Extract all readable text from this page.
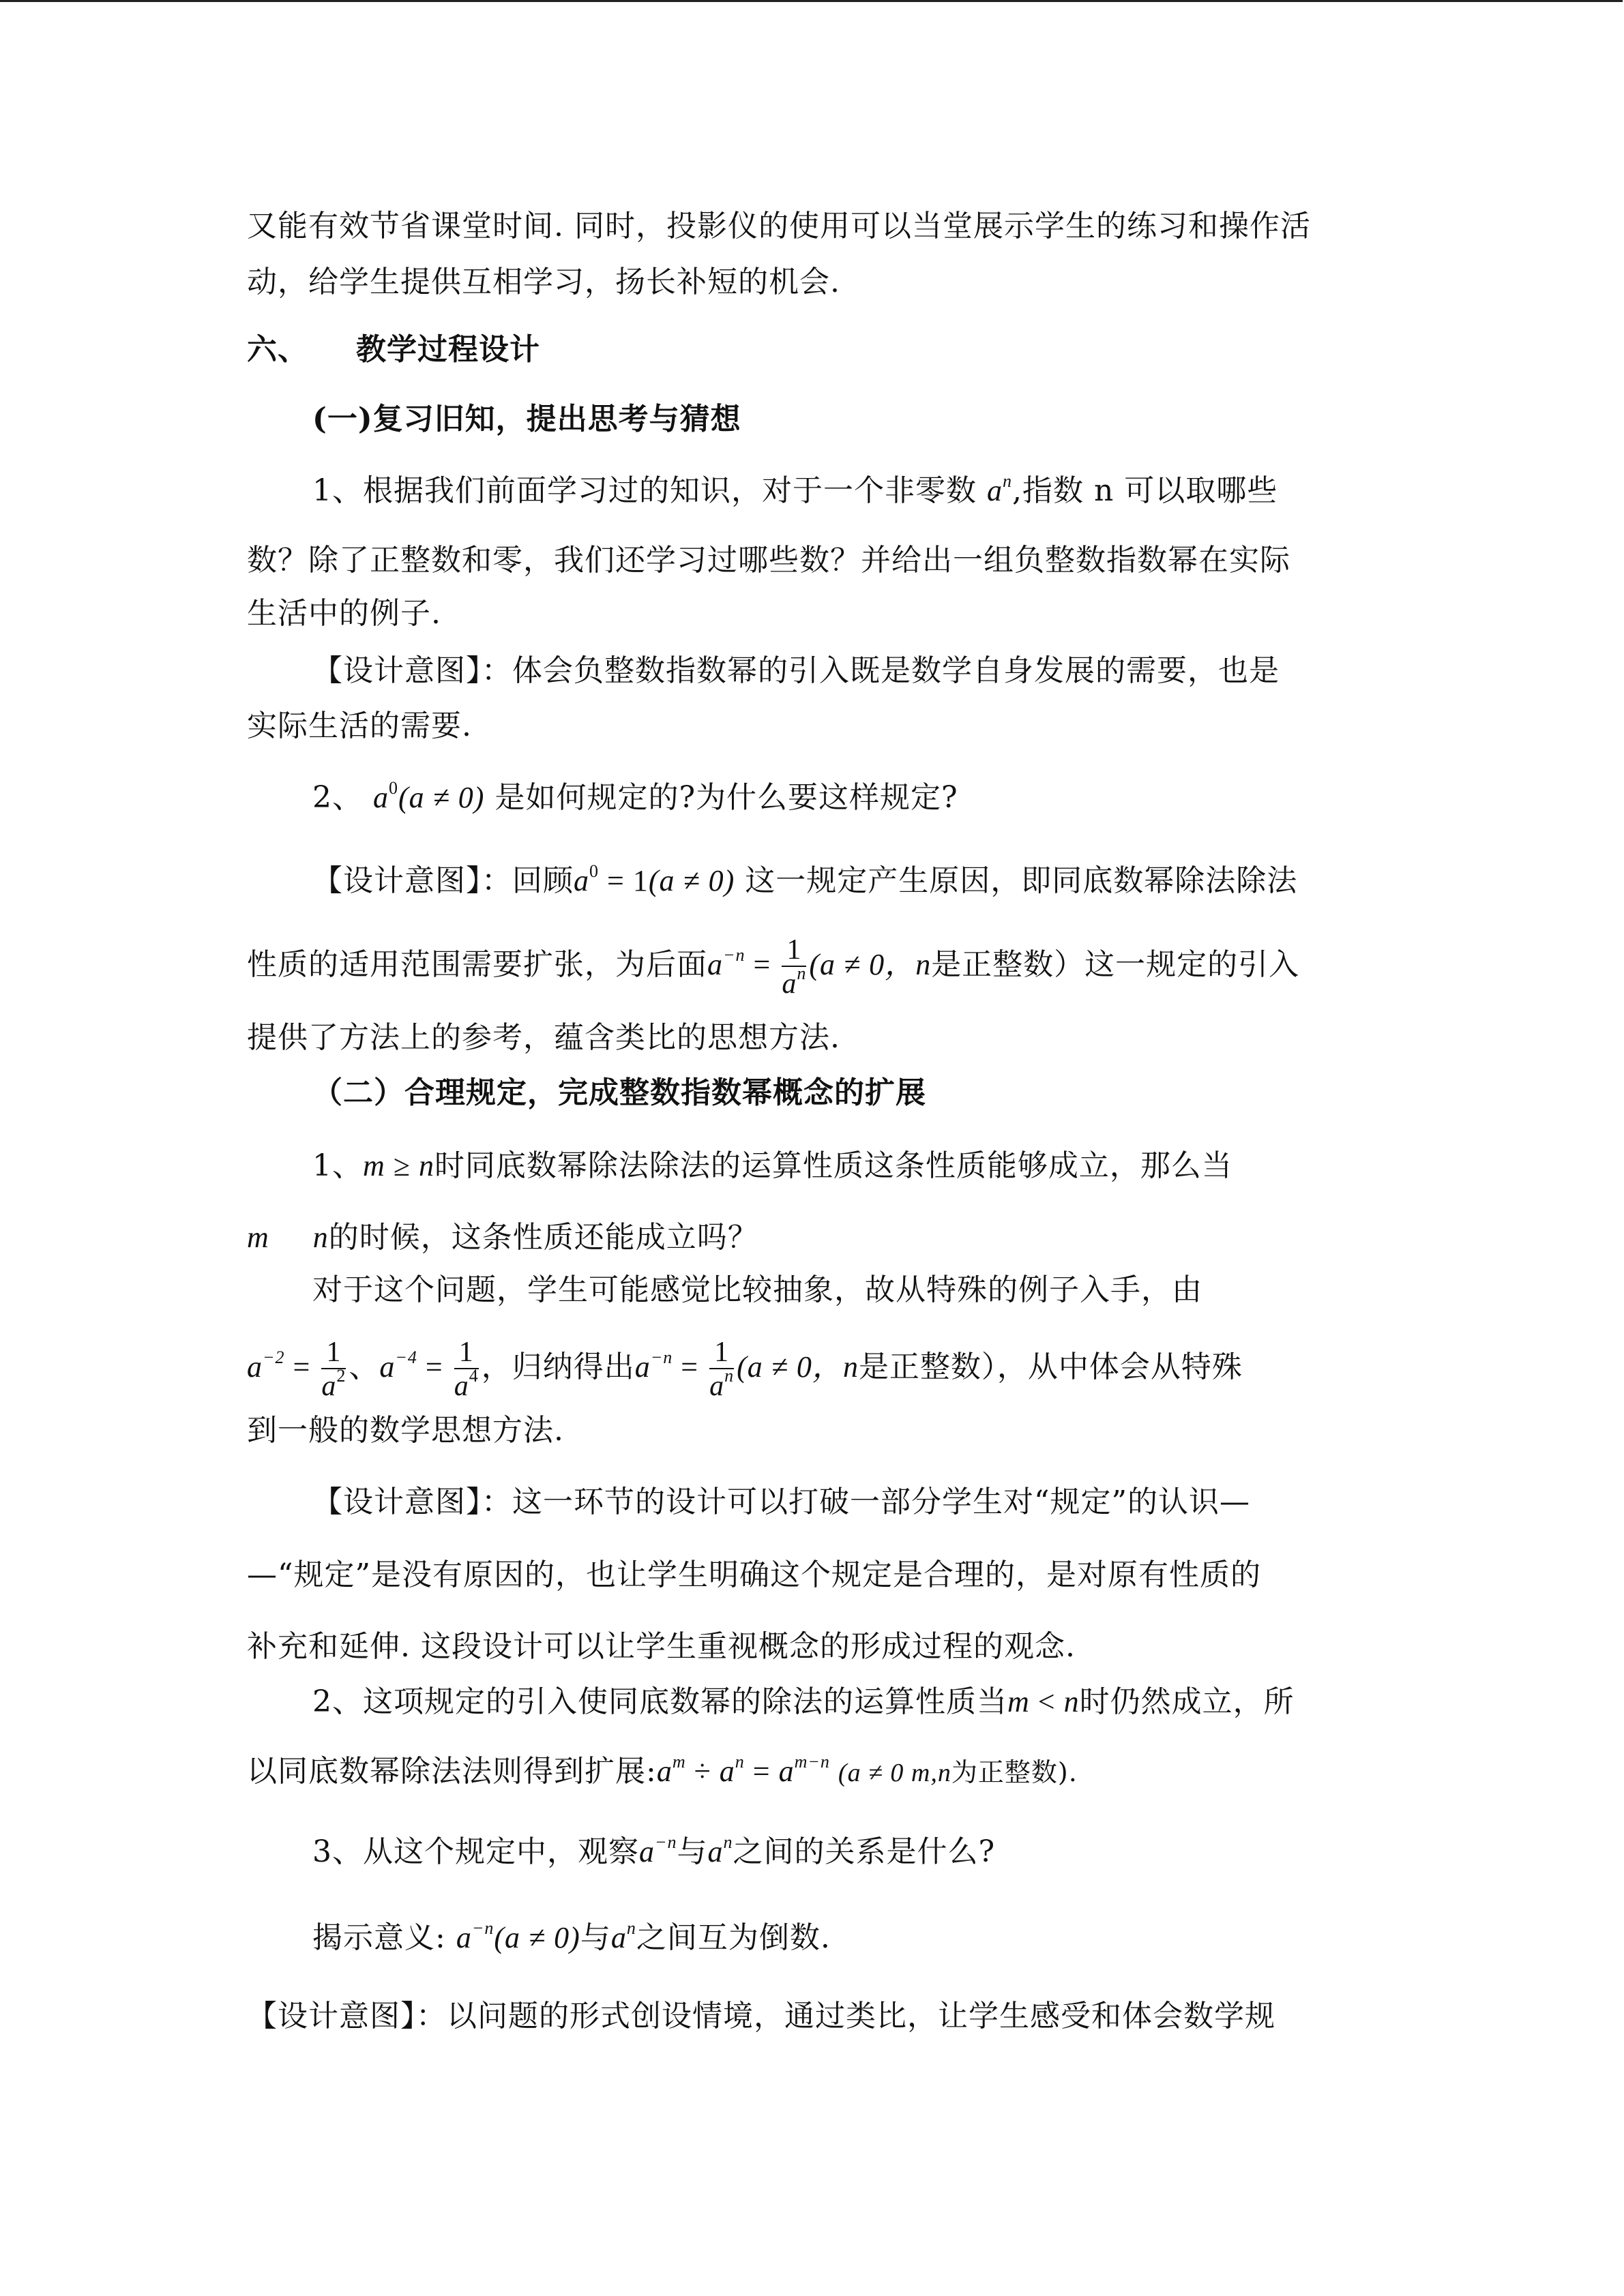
又能有效节省课堂时间. 同时，投影仪的使用可以当堂展示学生的练习和操作活
动，给学生提供互相学习，扬长补短的机会.
六、 教学过程设计
(一)复习旧知，提出思考与猜想
1、根据我们前面学习过的知识，对于一个非零数 $a^n$,指数 n 可以取哪些
数？除了正整数和零，我们还学习过哪些数？并给出一组负整数指数幂在实际
生活中的例子.
【设计意图】：体会负整数指数幂的引入既是数学自身发展的需要，也是
实际生活的需要.
2、 $a^0(a \ne 0)$ 是如何规定的?为什么要这样规定?
【设计意图】：回顾$a^0 = 1(a \ne 0)$ 这一规定产生原因，即同底数幂除法除法
性质的适用范围需要扩张，为后面$a^{-n} = \frac{1}{a^n} (a \ne 0$，n是正整数）这一规定的引入
提供了方法上的参考，蕴含类比的思想方法.
（二）合理规定，完成整数指数幂概念的扩展
1、m ≥ n时同底数幂除法除法的运算性质这条性质能够成立，那么当
m n的时候，这条性质还能成立吗？
对于这个问题，学生可能感觉比较抽象，故从特殊的例子入手，由
$a^{-2} = \frac{1}{a^2}$ 、$a^{-4} = \frac{1}{a^4}$ ，归纳得出$a^{-n} = \frac{1}{a^n} (a \ne 0$，n是正整数），从中体会从特殊
到一般的数学思想方法.
【设计意图】：这一环节的设计可以打破一部分学生对“规定”的认识—
—“规定”是没有原因的，也让学生明确这个规定是合理的，是对原有性质的
补充和延伸. 这段设计可以让学生重视概念的形成过程的观念.
2、这项规定的引入使同底数幂的除法的运算性质当m < n时仍然成立，所
以同底数幂除法法则得到扩展$:a^m \div a^n = a^{m-n}$ (a ≠ 0 m,n为正整数).
3、从这个规定中，观察$a^{-n}$与$a^n$之间的关系是什么?
揭示意义: $a^{-n}(a \ne 0)$与$a^n$之间互为倒数.
【设计意图】：以问题的形式创设情境，通过类比，让学生感受和体会数学规
